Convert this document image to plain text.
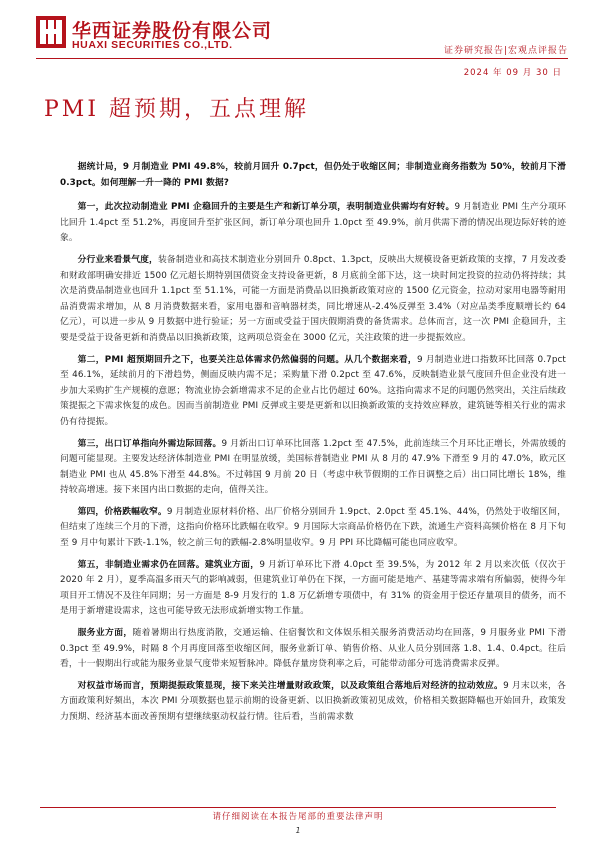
华西证券股份有限公司
HUAXI SECURITIES CO.,LTD.	证券研究报告|宏观点评报告
2024 年 09 月 30 日
PMI 超预期，五点理解

据统计局，9 月制造业 PMI 49.8%，较前月回升 0.7pct，但仍处于收缩区间；非制造业商务指数为 50%，较前月下滑 0.3pct。如何理解一升一降的 PMI 数据?

第一，此次拉动制造业 PMI 企稳回升的主要是生产和新订单分项，表明制造业供需均有好转。9 月制造业 PMI 生产分项环比回升 1.4pct 至 51.2%，再度回升至扩张区间，新订单分项也回升 1.0pct 至 49.9%，前月供需下滑的情况出现边际好转的迹象。

分行业来看景气度，装备制造业和高技术制造业分别回升 0.8pct、1.3pct，反映出大规模设备更新政策的支撑，7 月发改委和财政部明确安排近 1500 亿元超长期特别国债资金支持设备更新，8 月底前全部下达，这一块时间定投资的拉动仍将持续；其次是消费品制造业也回升 1.1pct 至 51.1%，可能一方面是消费品以旧换新政策对应的 1500 亿元资金，拉动对家用电器等耐用品消费需求增加，从 8 月消费数据来看，家用电器和音响器材类，同比增速从-2.4%反弹至 3.4%（对应品类季度顺增长约 64 亿元），可以进一步从 9 月数据中进行验证；另一方面或受益于国庆假期消费的备货需求。总体而言，这一次 PMI 企稳回升，主要是受益于设备更新和消费品以旧换新政策，这两项总资金在 3000 亿元，关注政策的进一步提振效应。

第二，PMI 超预期回升之下，也要关注总体需求仍然偏弱的问题。从几个数据来看，9 月制造业进口指数环比回落 0.7pct 至 46.1%，延续前月的下滑趋势，侧面反映内需不足；采购量下滑 0.2pct 至 47.6%，反映制造业景气度回升但企业没有进一步加大采购扩生产规模的意愿；物流业协会新增需求不足的企业占比仍超过 60%。这指向需求不足的问题仍然突出，关注后续政策提振之下需求恢复的成色。因而当前制造业 PMI 反弹或主要是更新和以旧换新政策的支持效应释放，建筑链等相关行业的需求仍有待提振。

第三，出口订单指向外需边际回落。9 月新出口订单环比回落 1.2pct 至 47.5%，此前连续三个月环比正增长，外需放缓的问题可能显现。主要发达经济体制造业 PMI 在明显放缓，美国标普制造业 PMI 从 8 月的 47.9% 下滑至 9 月的 47.0%，欧元区制造业 PMI 也从 45.8%下滑至 44.8%。不过韩国 9 月前 20 日（考虑中秋节假期的工作日调整之后）出口同比增长 18%，维持较高增速。接下来国内出口数据的走向，值得关注。

第四，价格跌幅收窄。9 月制造业原材料价格、出厂价格分别回升 1.9pct、2.0pct 至 45.1%、44%，仍然处于收缩区间，但结束了连续三个月的下滑，这指向价格环比跌幅在收窄。9 月国际大宗商品价格仍在下跌，流通生产资料高频价格在 8 月下旬至 9 月中旬累计下跌-1.1%，较之前三旬的跌幅-2.8%明显收窄。9 月 PPI 环比降幅可能也同应收窄。

第五，非制造业需求仍在回落。建筑业方面，9 月新订单环比下滑 4.0pct 至 39.5%，为 2012 年 2 月以来次低（仅次于 2020 年 2 月），夏季高温多雨天气的影响减弱，但建筑业订单仍在下探，一方面可能是地产、基建等需求端有所偏弱，使得今年项目开工情况不及往年同期；另一方面是 8-9 月发行的 1.8 万亿新增专项债中，有 31% 的资金用于偿还存量项目的债务，而不是用于新增建设需求，这也可能导致无法形成新增实物工作量。

服务业方面，随着暑期出行热度消散，交通运输、住宿餐饮和文体娱乐相关服务消费活动均在回落，9 月服务业 PMI 下滑 0.3pct 至 49.9%，时隔 8 个月再度回落至收缩区间，服务业新订单、销售价格、从业人员分别回落 1.8、1.4、0.4pct。往后看，十一假期出行或能为服务业景气度带来短暂脉冲。降低存量房贷利率之后，可能带动部分可选消费需求反弹。

对权益市场而言，预期提振政策显现，接下来关注增量财政政策，以及政策组合落地后对经济的拉动效应。9 月末以来，各方面政策利好频出，本次 PMI 分项数据也显示前期的设备更新、以旧换新政策初见成效，价格相关数据降幅也开始回升，政策发力预期、经济基本面改善预期有望继续驱动权益行情。往后看，当前需求数

请仔细阅读在本报告尾部的重要法律声明
1
